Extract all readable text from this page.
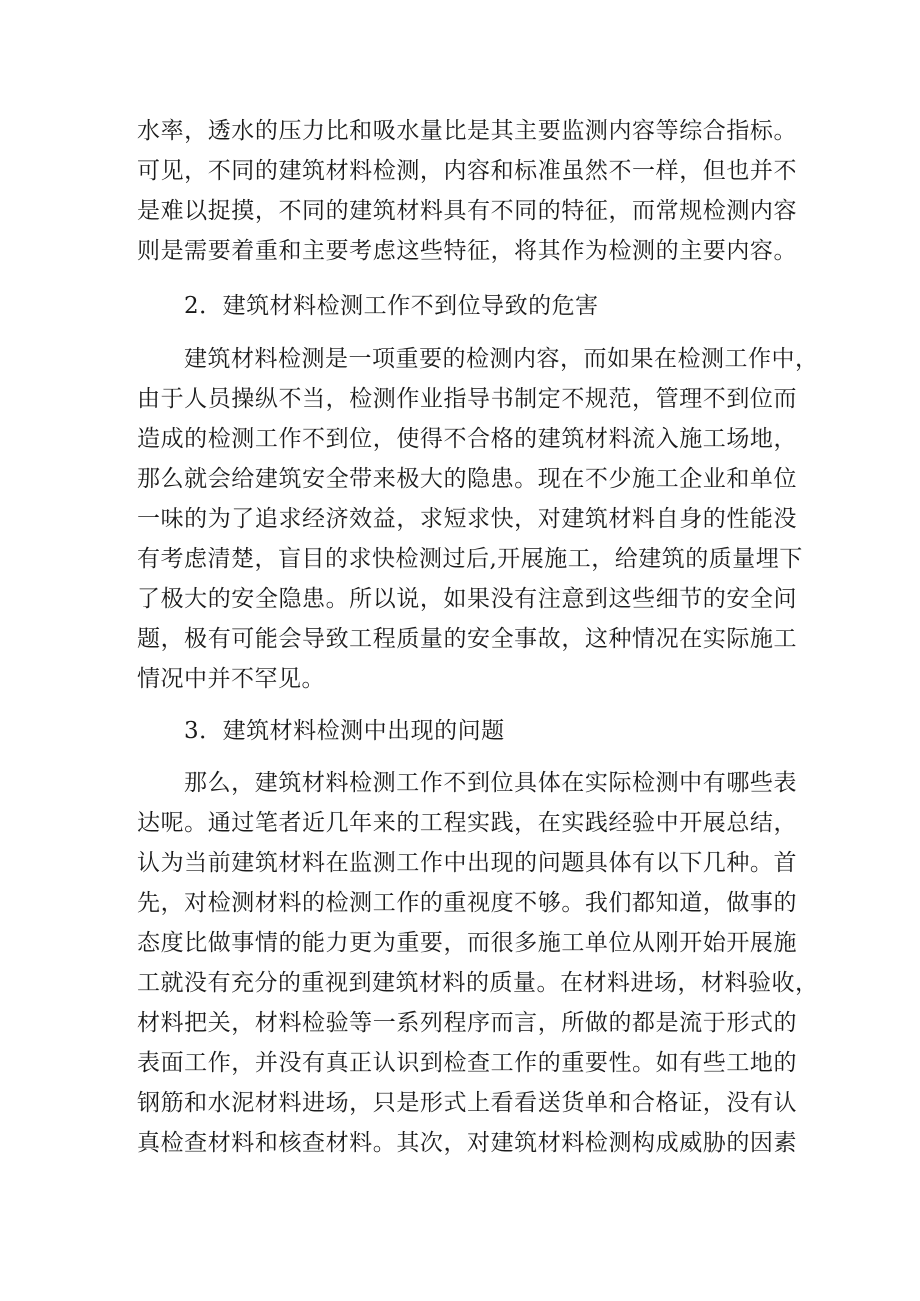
水率，透水的压力比和吸水量比是其主要监测内容等综合指标。
可见，不同的建筑材料检测，内容和标准虽然不一样，但也并不
是难以捉摸，不同的建筑材料具有不同的特征，而常规检测内容
则是需要着重和主要考虑这些特征，将其作为检测的主要内容。
2．建筑材料检测工作不到位导致的危害
建筑材料检测是一项重要的检测内容，而如果在检测工作中，
由于人员操纵不当，检测作业指导书制定不规范，管理不到位而
造成的检测工作不到位，使得不合格的建筑材料流入施工场地，
那么就会给建筑安全带来极大的隐患。现在不少施工企业和单位
一味的为了追求经济效益，求短求快，对建筑材料自身的性能没
有考虑清楚，盲目的求快检测过后,开展施工，给建筑的质量埋下
了极大的安全隐患。所以说，如果没有注意到这些细节的安全问
题，极有可能会导致工程质量的安全事故，这种情况在实际施工
情况中并不罕见。
3．建筑材料检测中出现的问题
那么，建筑材料检测工作不到位具体在实际检测中有哪些表
达呢。通过笔者近几年来的工程实践，在实践经验中开展总结，
认为当前建筑材料在监测工作中出现的问题具体有以下几种。首
先，对检测材料的检测工作的重视度不够。我们都知道，做事的
态度比做事情的能力更为重要，而很多施工单位从刚开始开展施
工就没有充分的重视到建筑材料的质量。在材料进场，材料验收，
材料把关，材料检验等一系列程序而言，所做的都是流于形式的
表面工作，并没有真正认识到检查工作的重要性。如有些工地的
钢筋和水泥材料进场，只是形式上看看送货单和合格证，没有认
真检查材料和核查材料。其次，对建筑材料检测构成威胁的因素
